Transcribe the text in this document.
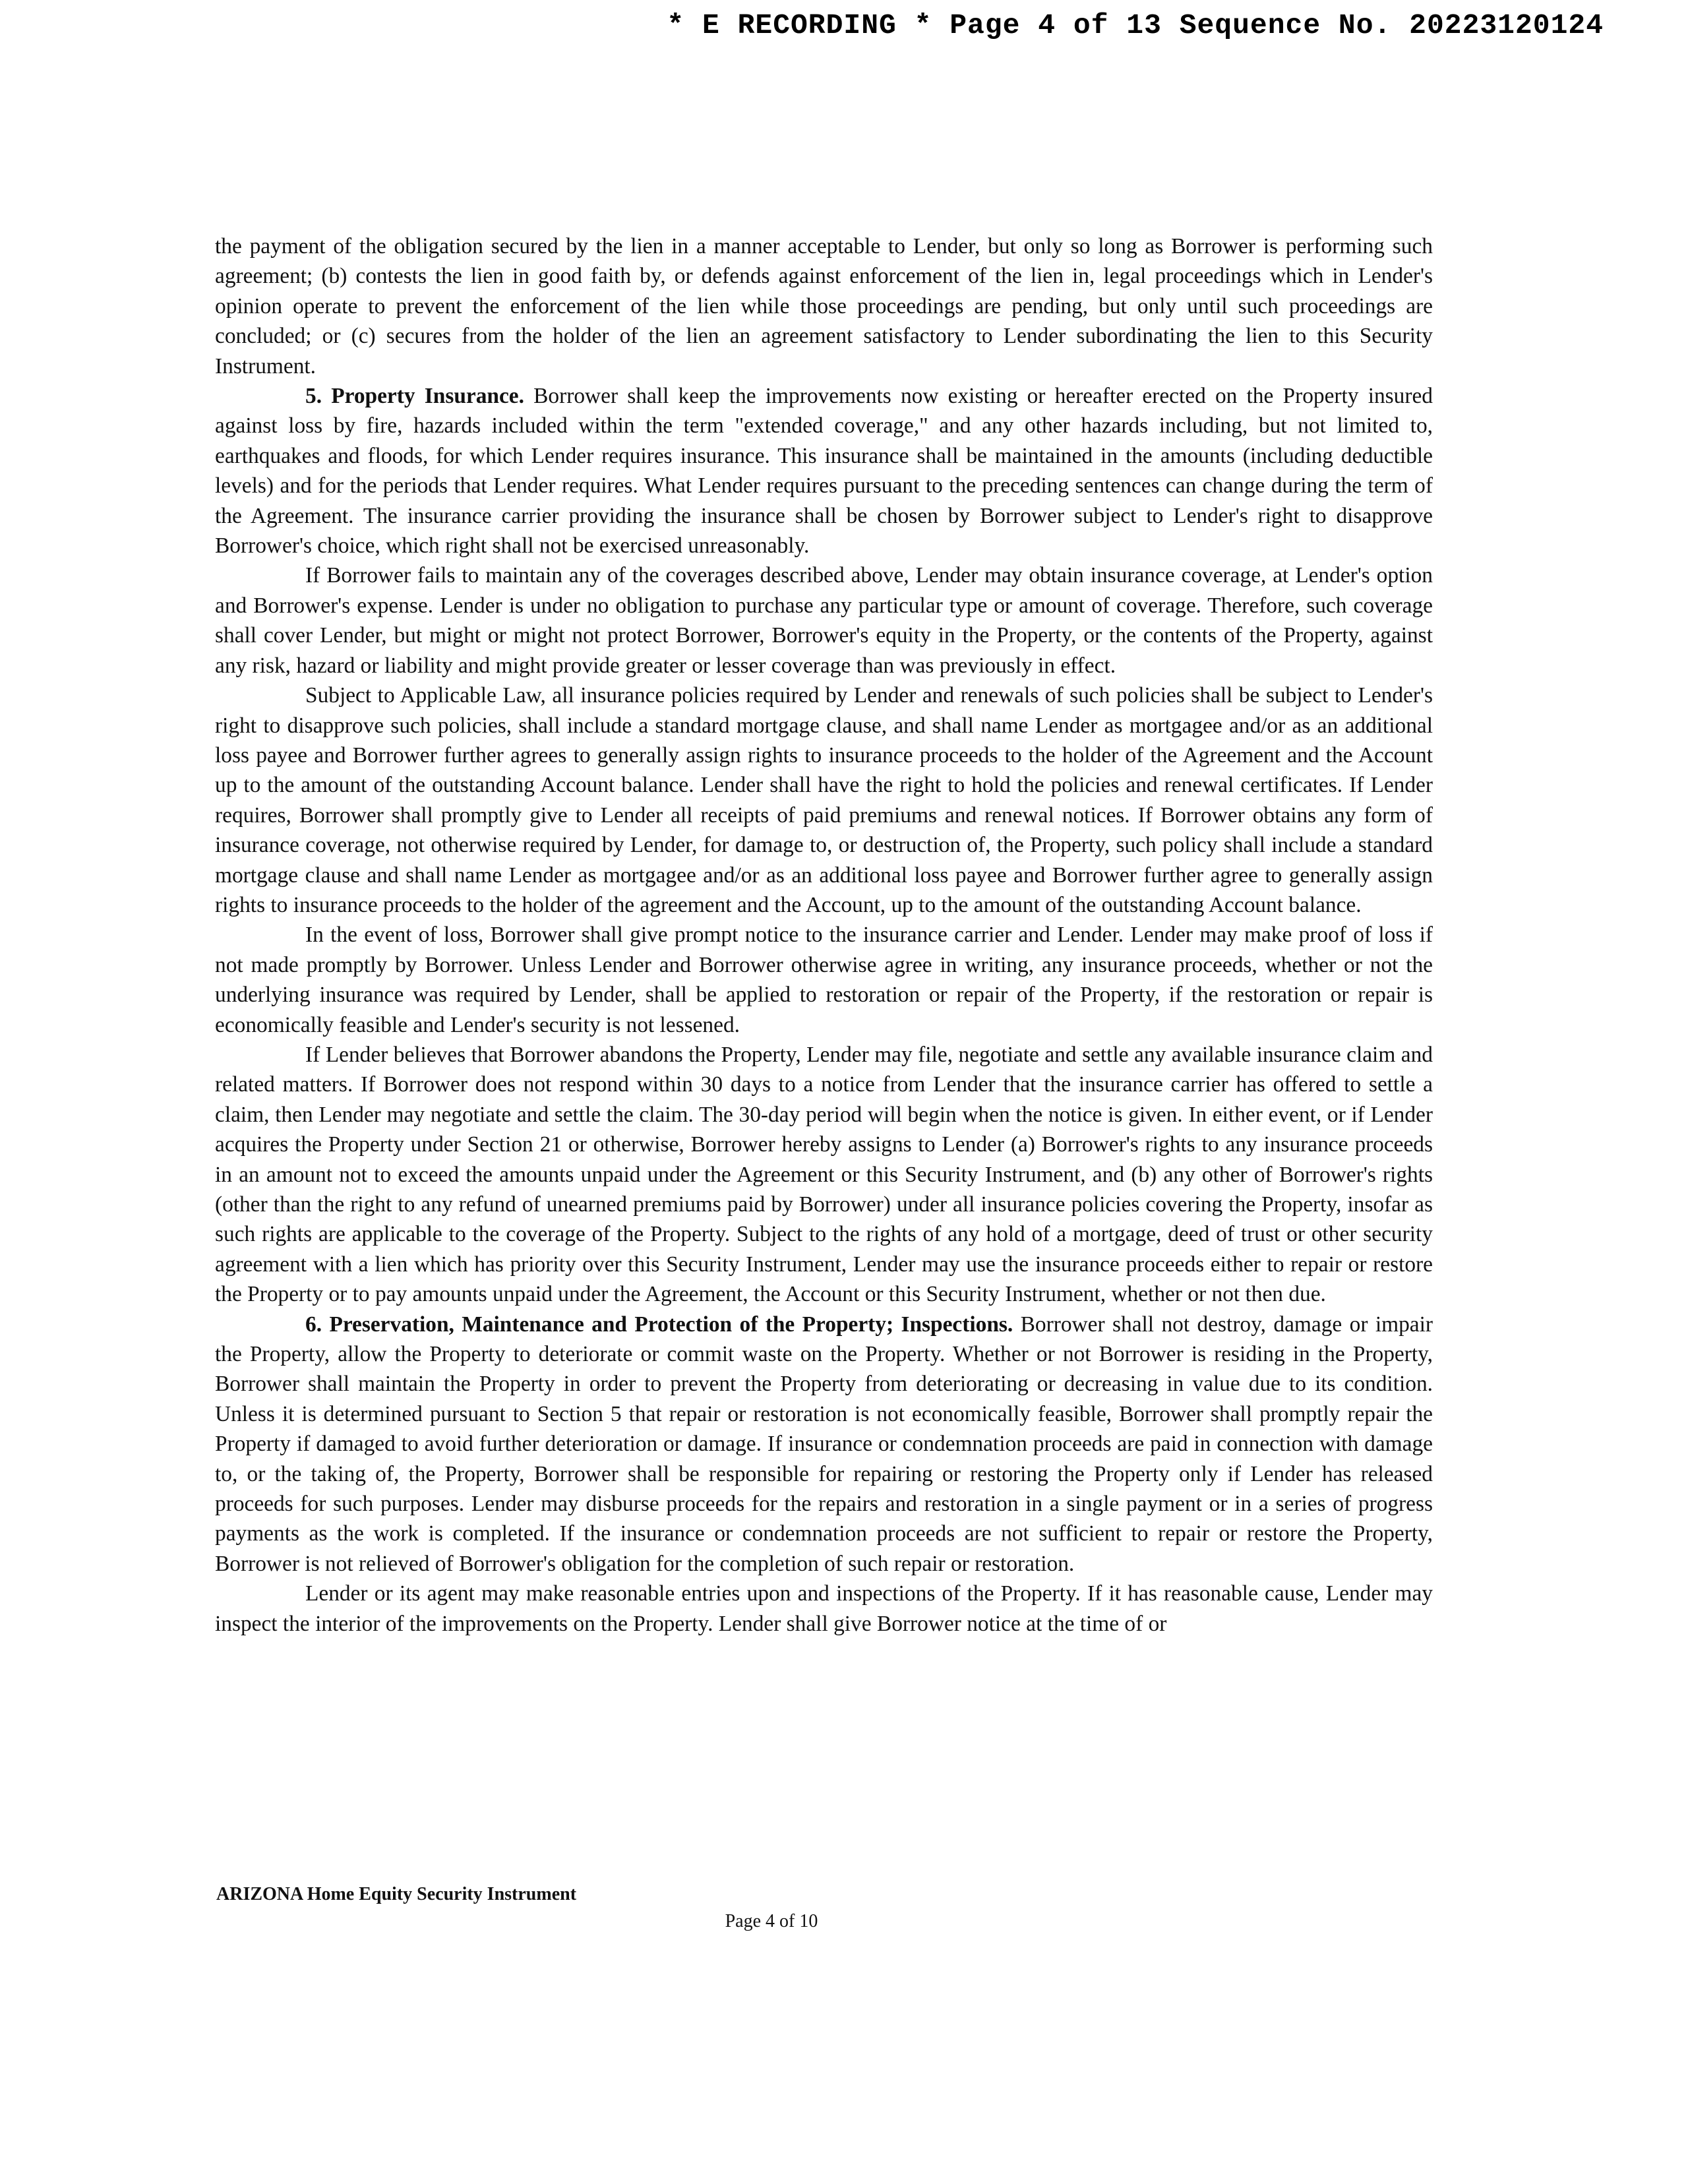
* E RECORDING * Page 4 of 13 Sequence No. 20223120124

the payment of the obligation secured by the lien in a manner acceptable to Lender, but only so long as Borrower is performing such agreement; (b) contests the lien in good faith by, or defends against enforcement of the lien in, legal proceedings which in Lender's opinion operate to prevent the enforcement of the lien while those proceedings are pending, but only until such proceedings are concluded; or (c) secures from the holder of the lien an agreement satisfactory to Lender subordinating the lien to this Security Instrument.

5. Property Insurance. Borrower shall keep the improvements now existing or hereafter erected on the Property insured against loss by fire, hazards included within the term "extended coverage," and any other hazards including, but not limited to, earthquakes and floods, for which Lender requires insurance. This insurance shall be maintained in the amounts (including deductible levels) and for the periods that Lender requires. What Lender requires pursuant to the preceding sentences can change during the term of the Agreement. The insurance carrier providing the insurance shall be chosen by Borrower subject to Lender's right to disapprove Borrower's choice, which right shall not be exercised unreasonably.

If Borrower fails to maintain any of the coverages described above, Lender may obtain insurance coverage, at Lender's option and Borrower's expense. Lender is under no obligation to purchase any particular type or amount of coverage. Therefore, such coverage shall cover Lender, but might or might not protect Borrower, Borrower's equity in the Property, or the contents of the Property, against any risk, hazard or liability and might provide greater or lesser coverage than was previously in effect.

Subject to Applicable Law, all insurance policies required by Lender and renewals of such policies shall be subject to Lender's right to disapprove such policies, shall include a standard mortgage clause, and shall name Lender as mortgagee and/or as an additional loss payee and Borrower further agrees to generally assign rights to insurance proceeds to the holder of the Agreement and the Account up to the amount of the outstanding Account balance. Lender shall have the right to hold the policies and renewal certificates. If Lender requires, Borrower shall promptly give to Lender all receipts of paid premiums and renewal notices. If Borrower obtains any form of insurance coverage, not otherwise required by Lender, for damage to, or destruction of, the Property, such policy shall include a standard mortgage clause and shall name Lender as mortgagee and/or as an additional loss payee and Borrower further agree to generally assign rights to insurance proceeds to the holder of the agreement and the Account, up to the amount of the outstanding Account balance.

In the event of loss, Borrower shall give prompt notice to the insurance carrier and Lender. Lender may make proof of loss if not made promptly by Borrower. Unless Lender and Borrower otherwise agree in writing, any insurance proceeds, whether or not the underlying insurance was required by Lender, shall be applied to restoration or repair of the Property, if the restoration or repair is economically feasible and Lender's security is not lessened.

If Lender believes that Borrower abandons the Property, Lender may file, negotiate and settle any available insurance claim and related matters. If Borrower does not respond within 30 days to a notice from Lender that the insurance carrier has offered to settle a claim, then Lender may negotiate and settle the claim. The 30-day period will begin when the notice is given. In either event, or if Lender acquires the Property under Section 21 or otherwise, Borrower hereby assigns to Lender (a) Borrower's rights to any insurance proceeds in an amount not to exceed the amounts unpaid under the Agreement or this Security Instrument, and (b) any other of Borrower's rights (other than the right to any refund of unearned premiums paid by Borrower) under all insurance policies covering the Property, insofar as such rights are applicable to the coverage of the Property. Subject to the rights of any hold of a mortgage, deed of trust or other security agreement with a lien which has priority over this Security Instrument, Lender may use the insurance proceeds either to repair or restore the Property or to pay amounts unpaid under the Agreement, the Account or this Security Instrument, whether or not then due.

6. Preservation, Maintenance and Protection of the Property; Inspections. Borrower shall not destroy, damage or impair the Property, allow the Property to deteriorate or commit waste on the Property. Whether or not Borrower is residing in the Property, Borrower shall maintain the Property in order to prevent the Property from deteriorating or decreasing in value due to its condition. Unless it is determined pursuant to Section 5 that repair or restoration is not economically feasible, Borrower shall promptly repair the Property if damaged to avoid further deterioration or damage. If insurance or condemnation proceeds are paid in connection with damage to, or the taking of, the Property, Borrower shall be responsible for repairing or restoring the Property only if Lender has released proceeds for such purposes. Lender may disburse proceeds for the repairs and restoration in a single payment or in a series of progress payments as the work is completed. If the insurance or condemnation proceeds are not sufficient to repair or restore the Property, Borrower is not relieved of Borrower's obligation for the completion of such repair or restoration.

Lender or its agent may make reasonable entries upon and inspections of the Property. If it has reasonable cause, Lender may inspect the interior of the improvements on the Property. Lender shall give Borrower notice at the time of or

ARIZONA Home Equity Security Instrument
Page 4 of 10
